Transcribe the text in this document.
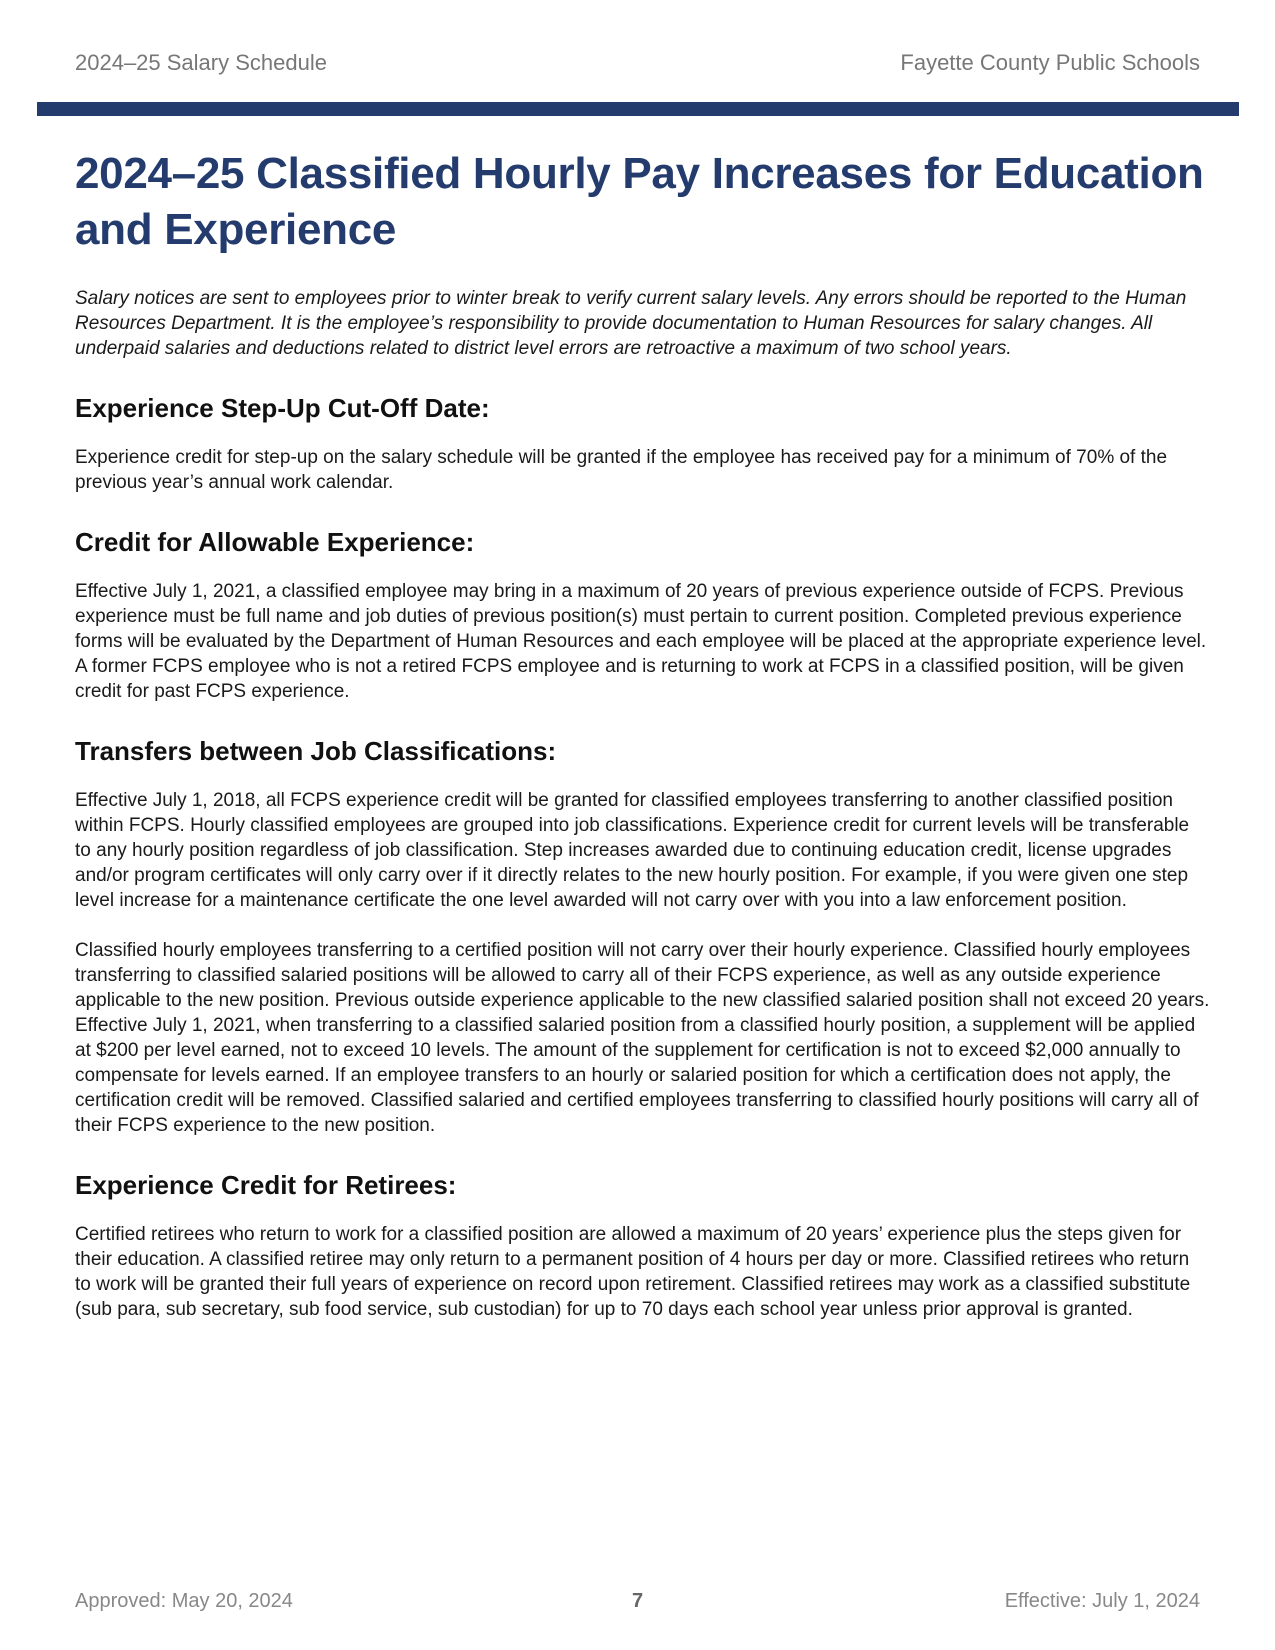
2024–25 Salary Schedule	Fayette County Public Schools
2024–25 Classified Hourly Pay Increases for Education and Experience

Salary notices are sent to employees prior to winter break to verify current salary levels. Any errors should be reported to the Human Resources Department. It is the employee’s responsibility to provide documentation to Human Resources for salary changes. All underpaid salaries and deductions related to district level errors are retroactive a maximum of two school years.

Experience Step-Up Cut-Off Date:

Experience credit for step-up on the salary schedule will be granted if the employee has received pay for a minimum of 70% of the previous year’s annual work calendar.

Credit for Allowable Experience:

Effective July 1, 2021, a classified employee may bring in a maximum of 20 years of previous experience outside of FCPS. Previous experience must be full name and job duties of previous position(s) must pertain to current position. Completed previous experience forms will be evaluated by the Department of Human Resources and each employee will be placed at the appropriate experience level. A former FCPS employee who is not a retired FCPS employee and is returning to work at FCPS in a classified position, will be given credit for past FCPS experience.

Transfers between Job Classifications:

Effective July 1, 2018, all FCPS experience credit will be granted for classified employees transferring to another classified position within FCPS. Hourly classified employees are grouped into job classifications. Experience credit for current levels will be transferable to any hourly position regardless of job classification. Step increases awarded due to continuing education credit, license upgrades and/or program certificates will only carry over if it directly relates to the new hourly position. For example, if you were given one step level increase for a maintenance certificate the one level awarded will not carry over with you into a law enforcement position.

Classified hourly employees transferring to a certified position will not carry over their hourly experience. Classified hourly employees transferring to classified salaried positions will be allowed to carry all of their FCPS experience, as well as any outside experience applicable to the new position. Previous outside experience applicable to the new classified salaried position shall not exceed 20 years. Effective July 1, 2021, when transferring to a classified salaried position from a classified hourly position, a supplement will be applied at $200 per level earned, not to exceed 10 levels. The amount of the supplement for certification is not to exceed $2,000 annually to compensate for levels earned. If an employee transfers to an hourly or salaried position for which a certification does not apply, the certification credit will be removed. Classified salaried and certified employees transferring to classified hourly positions will carry all of their FCPS experience to the new position.

Experience Credit for Retirees:

Certified retirees who return to work for a classified position are allowed a maximum of 20 years’ experience plus the steps given for their education. A classified retiree may only return to a permanent position of 4 hours per day or more. Classified retirees who return to work will be granted their full years of experience on record upon retirement. Classified retirees may work as a classified substitute (sub para, sub secretary, sub food service, sub custodian) for up to 70 days each school year unless prior approval is granted.

Approved: May 20, 2024	7	Effective: July 1, 2024
